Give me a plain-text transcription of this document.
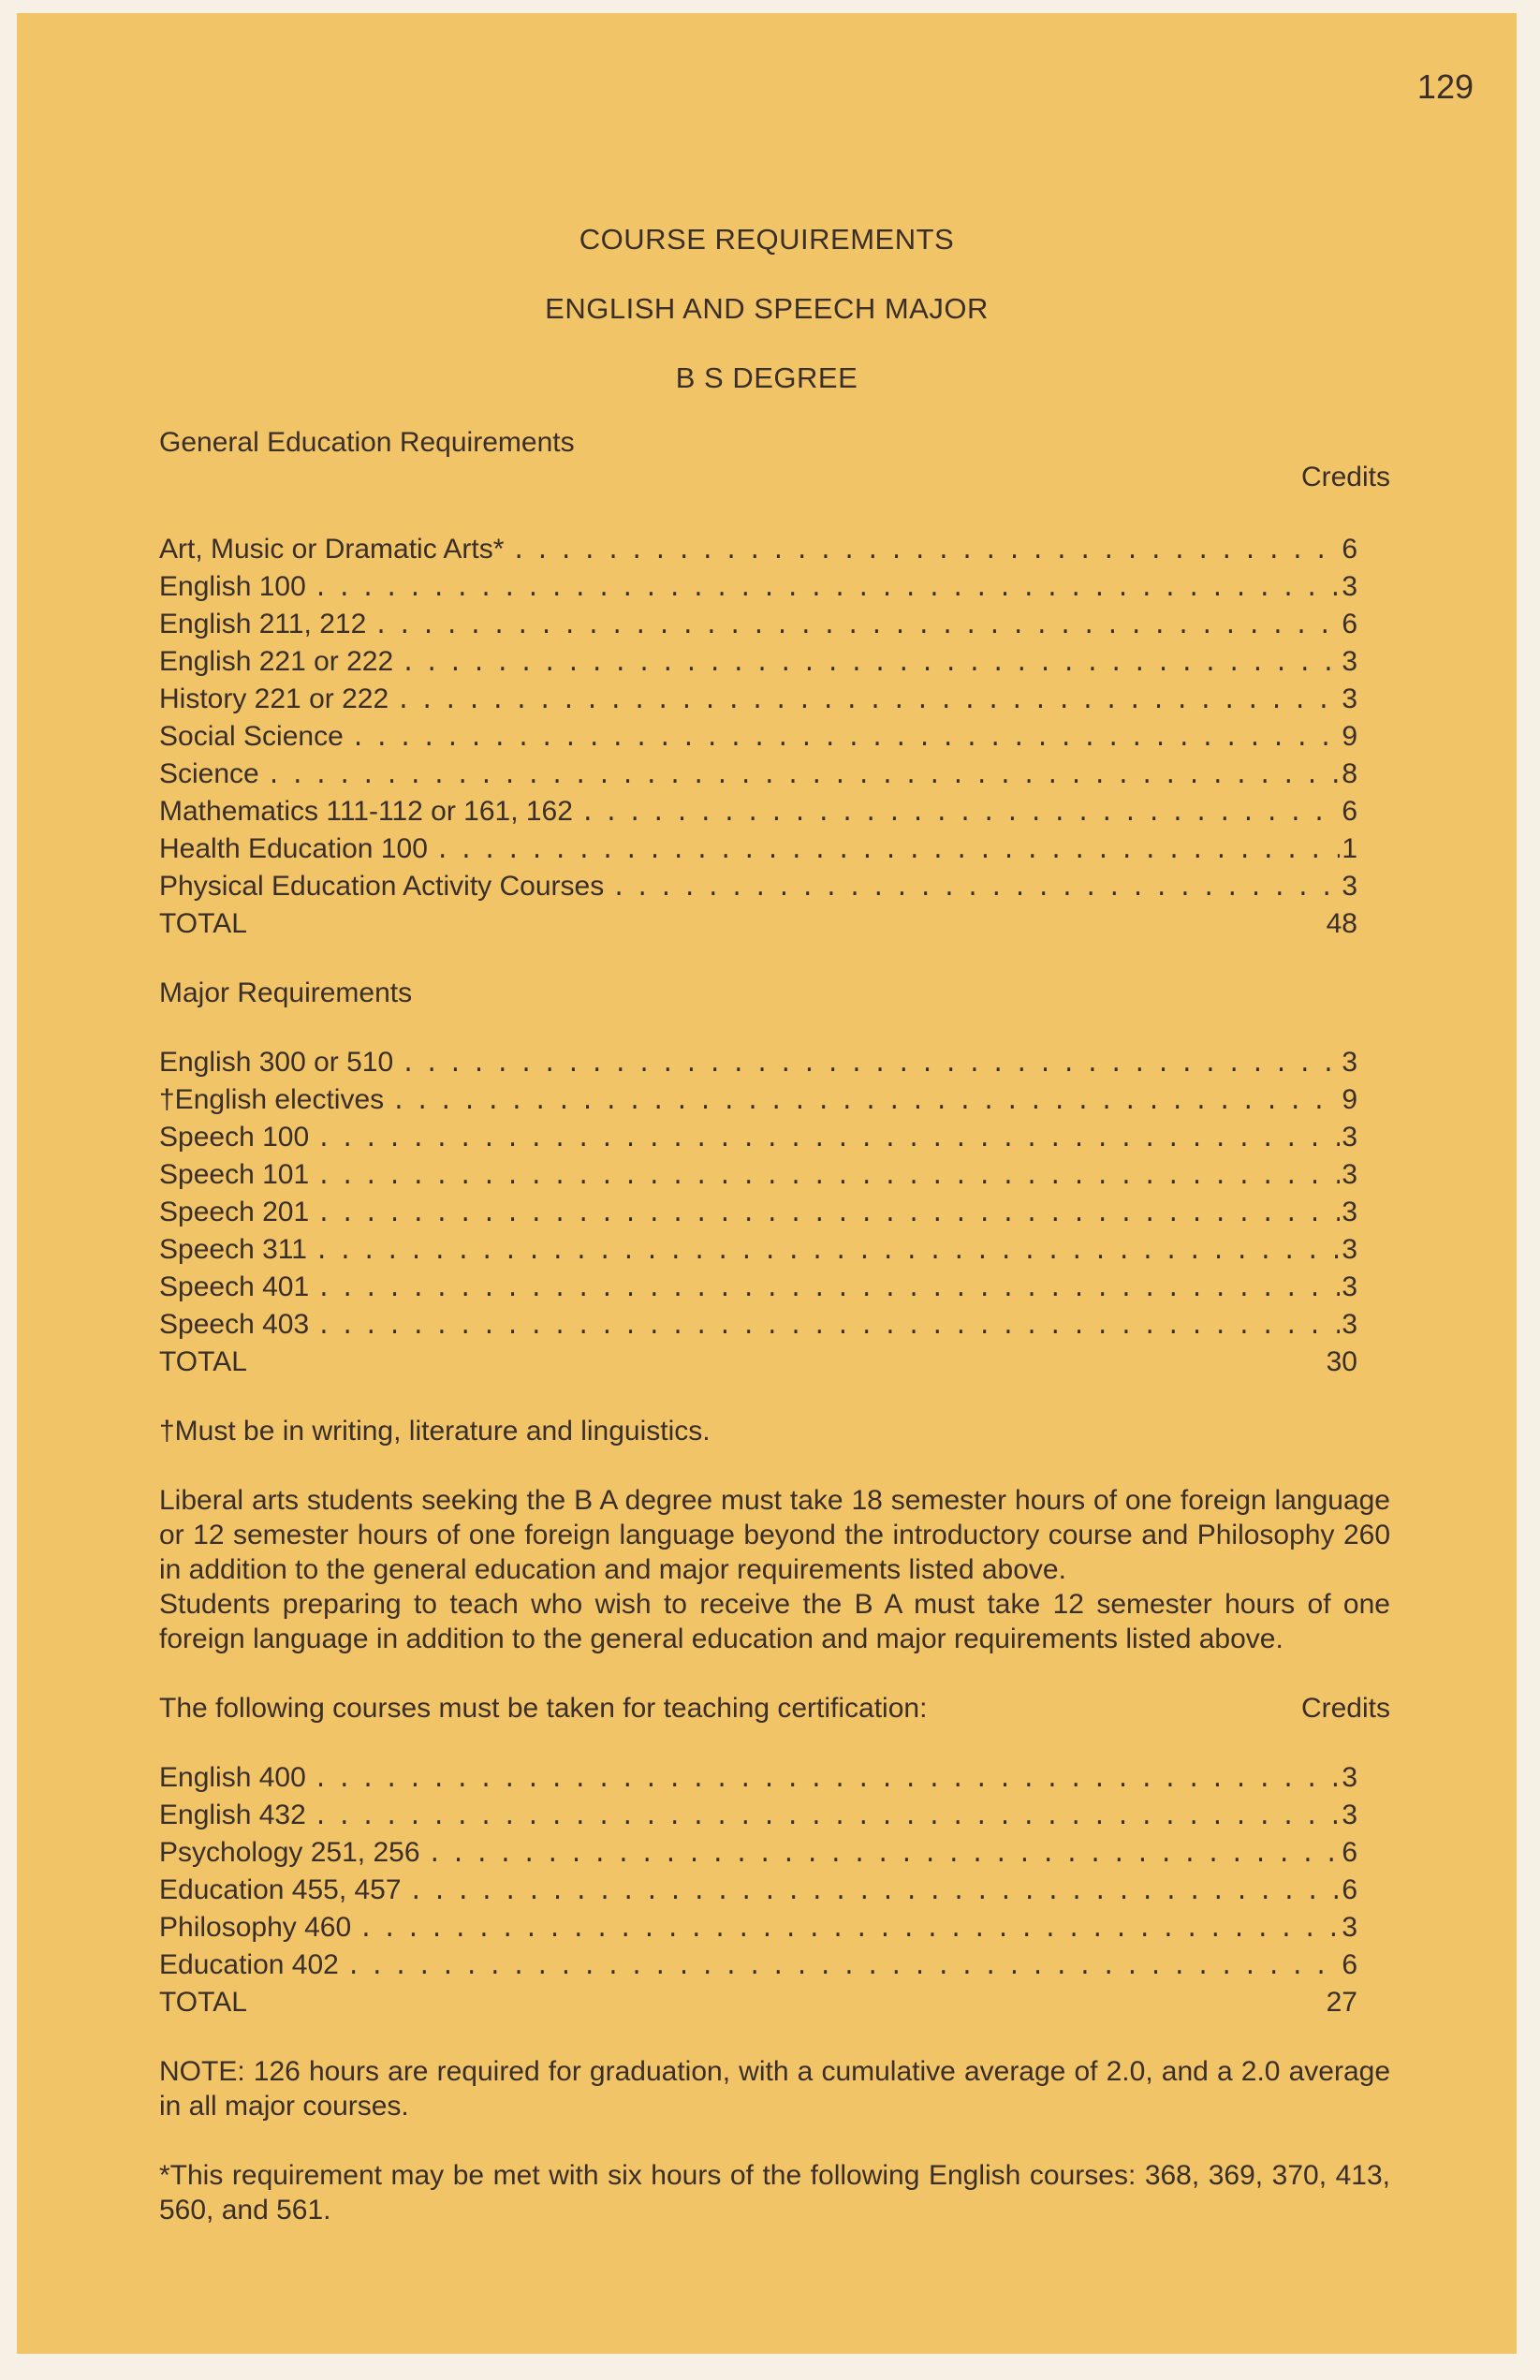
129
COURSE REQUIREMENTS
ENGLISH AND SPEECH MAJOR
B S DEGREE
General Education Requirements
Credits
Art, Music or Dramatic Arts* . . .	6
English 100 . . .	3
English 211, 212 . . .	6
English 221 or 222 . . .	3
History 221 or 222 . . .	3
Social Science . . .	9
Science . . .	8
Mathematics 111-112 or 161, 162 . . .	6
Health Education 100 . . .	1
Physical Education Activity Courses . . .	3
TOTAL	48
Major Requirements
English 300 or 510 . . .	3
†English electives . . .	9
Speech 100 . . .	3
Speech 101 . . .	3
Speech 201 . . .	3
Speech 311 . . .	3
Speech 401 . . .	3
Speech 403 . . .	3
TOTAL	30

†Must be in writing, literature and linguistics.

Liberal arts students seeking the B A degree must take 18 semester hours of one foreign language or 12 semester hours of one foreign language beyond the introductory course and Philosophy 260 in addition to the general education and major requirements listed above.

Students preparing to teach who wish to receive the B A must take 12 semester hours of one foreign language in addition to the general education and major requirements listed above.

The following courses must be taken for teaching certification:	Credits
English 400 . . .	3
English 432 . . .	3
Psychology 251, 256 . . .	6
Education 455, 457 . . .	6
Philosophy 460 . . .	3
Education 402 . . .	6
TOTAL	27

NOTE: 126 hours are required for graduation, with a cumulative average of 2.0, and a 2.0 average in all major courses.

*This requirement may be met with six hours of the following English courses: 368, 369, 370, 413, 560, and 561.
